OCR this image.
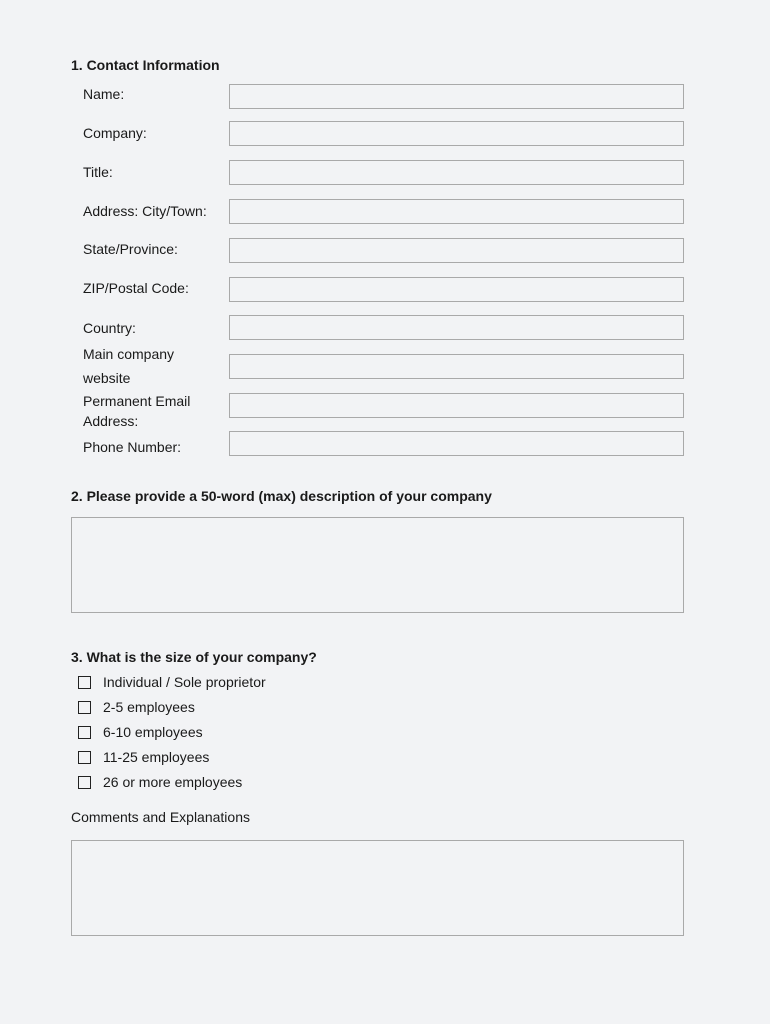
1. Contact Information
Name:
Company:
Title:
Address: City/Town:
State/Province:
ZIP/Postal Code:
Country:
Main company website
Permanent Email Address:
Phone Number:
2. Please provide a 50-word (max) description of your company
3. What is the size of your company?
Individual / Sole proprietor
2-5 employees
6-10 employees
11-25 employees
26 or more employees
Comments and Explanations
